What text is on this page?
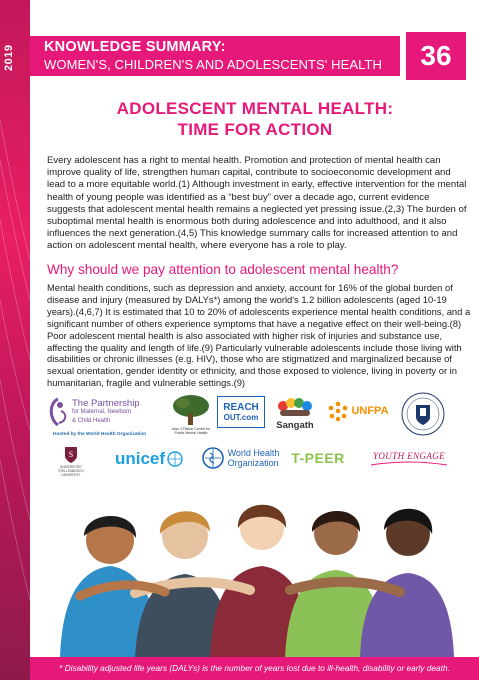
2019	KNOWLEDGE SUMMARY:
WOMEN'S, CHILDREN'S AND ADOLESCENTS' HEALTH	36
ADOLESCENT MENTAL HEALTH:
TIME FOR ACTION
Every adolescent has a right to mental health. Promotion and protection of mental health can improve quality of life, strengthen human capital, contribute to socioeconomic development and lead to a more equitable world.(1) Although investment in early, effective intervention for the mental health of young people was identified as a “best buy” over a decade ago, current evidence suggests that adolescent mental health remains a neglected yet pressing issue.(2,3) The burden of suboptimal mental health is enormous both during adolescence and into adulthood, and it also influences the next generation.(4,5) This knowledge summary calls for increased attention to and action on adolescent mental health, where everyone has a role to play.
Why should we pay attention to adolescent mental health?
Mental health conditions, such as depression and anxiety, account for 16% of the global burden of disease and injury (measured by DALYs*) among the world's 1.2 billion adolescents (aged 10-19 years).(4,6,7) It is estimated that 10 to 20% of adolescents experience mental health conditions, and a significant number of others experience symptoms that have a negative effect on their well-being.(8) Poor adolescent mental health is also associated with higher risk of injuries and substance use, affecting the quality and length of life.(9) Particularly vulnerable adolescents include those living with disabilities or chronic illnesses (e.g. HIV), those who are stigmatized and marginalized because of sexual orientation, gender identity or ethnicity, and those exposed to violence, living in poverty or in humanitarian, fragile and vulnerable settings.(9)
The Partnership
for Maternal, Newborn
& Child Health
Hosted by the World Health Organization
Alan J Flisher Centre for Public Mental Health
REACH
OUT.com
Sangath
UNFPA
S
UNIVERSITEIT STELLENBOSCH UNIVERSITY
unicef	World Health
Organization T-PEER	YOUTH ENGAGE
* Disability adjusted life years (DALYs) is the number of years lost due to ill-health, disability or early death.
